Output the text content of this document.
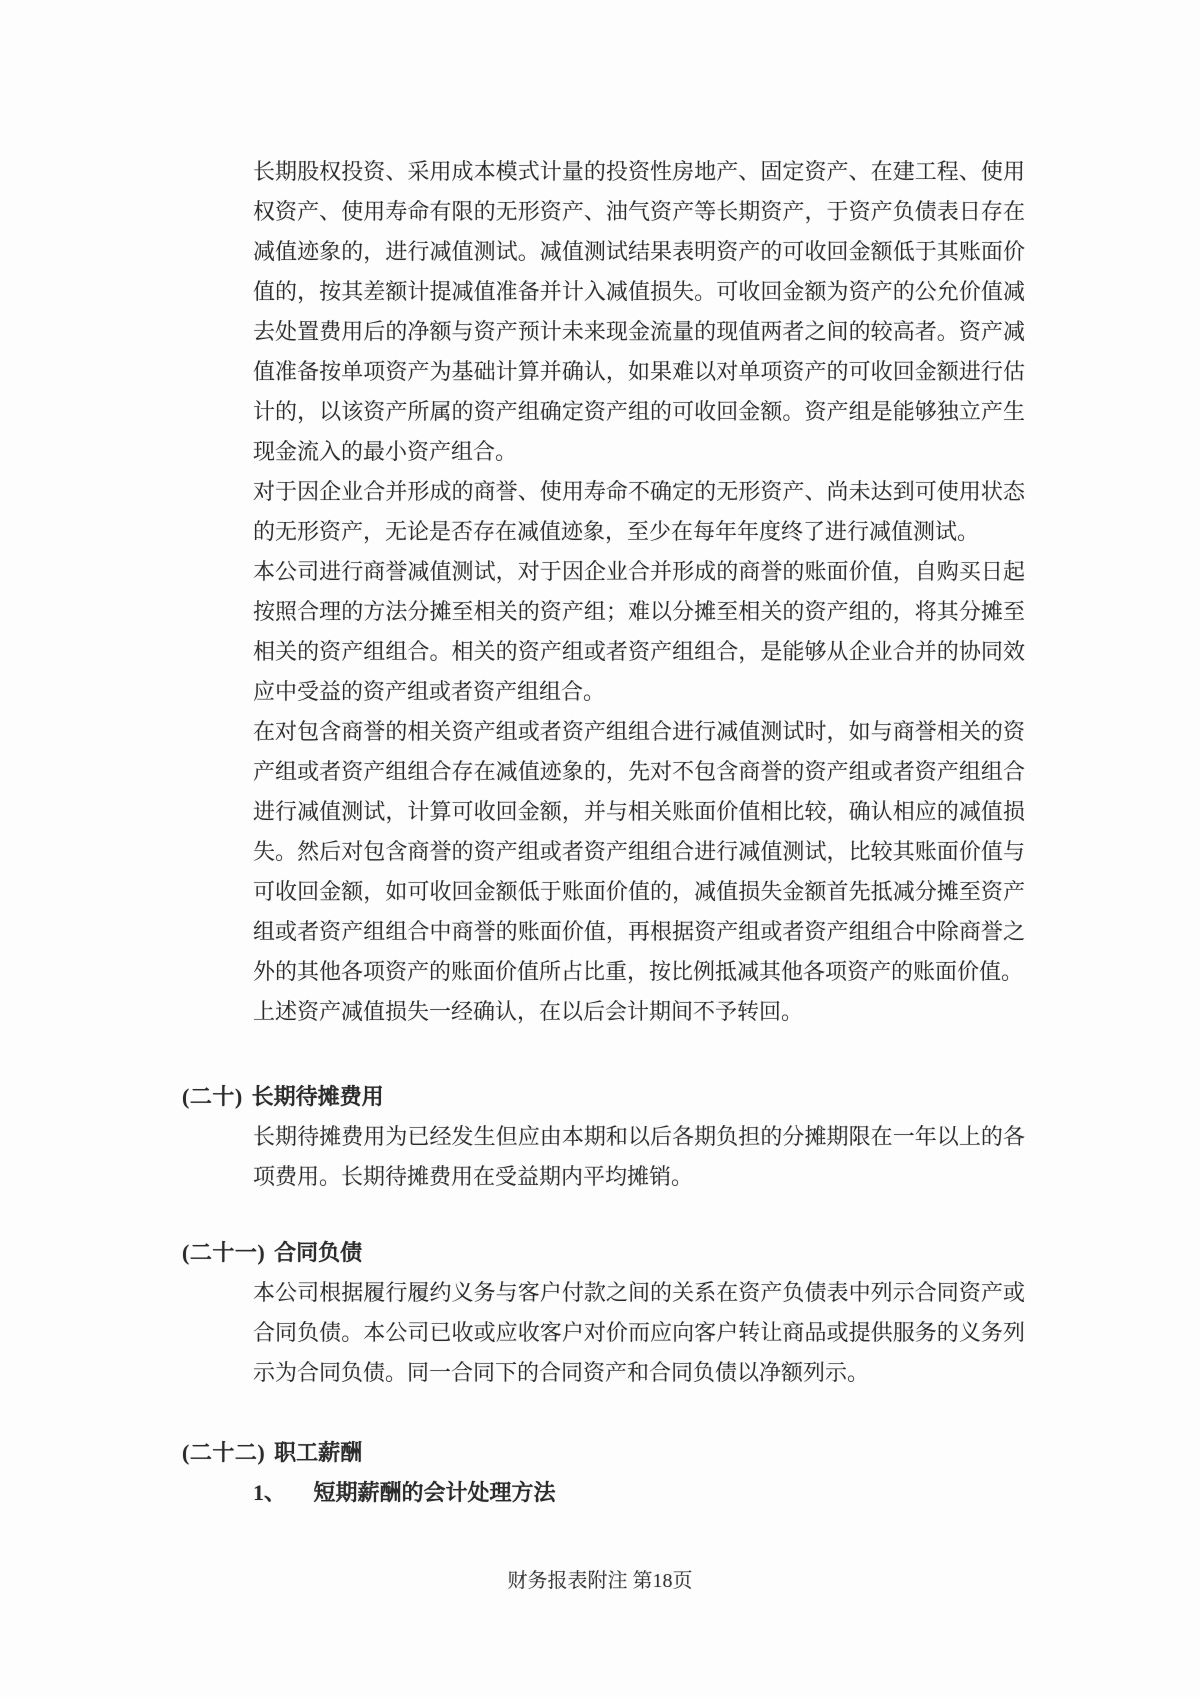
长期股权投资、采用成本模式计量的投资性房地产、固定资产、在建工程、使用权资产、使用寿命有限的无形资产、油气资产等长期资产，于资产负债表日存在减值迹象的，进行减值测试。减值测试结果表明资产的可收回金额低于其账面价值的，按其差额计提减值准备并计入减值损失。可收回金额为资产的公允价值减去处置费用后的净额与资产预计未来现金流量的现值两者之间的较高者。资产减值准备按单项资产为基础计算并确认，如果难以对单项资产的可收回金额进行估计的，以该资产所属的资产组确定资产组的可收回金额。资产组是能够独立产生现金流入的最小资产组合。

对于因企业合并形成的商誉、使用寿命不确定的无形资产、尚未达到可使用状态的无形资产，无论是否存在减值迹象，至少在每年年度终了进行减值测试。

本公司进行商誉减值测试，对于因企业合并形成的商誉的账面价值，自购买日起按照合理的方法分摊至相关的资产组；难以分摊至相关的资产组的，将其分摊至相关的资产组组合。相关的资产组或者资产组组合，是能够从企业合并的协同效应中受益的资产组或者资产组组合。

在对包含商誉的相关资产组或者资产组组合进行减值测试时，如与商誉相关的资产组或者资产组组合存在减值迹象的，先对不包含商誉的资产组或者资产组组合进行减值测试，计算可收回金额，并与相关账面价值相比较，确认相应的减值损失。然后对包含商誉的资产组或者资产组组合进行减值测试，比较其账面价值与可收回金额，如可收回金额低于账面价值的，减值损失金额首先抵减分摊至资产组或者资产组组合中商誉的账面价值，再根据资产组或者资产组组合中除商誉之外的其他各项资产的账面价值所占比重，按比例抵减其他各项资产的账面价值。

上述资产减值损失一经确认，在以后会计期间不予转回。

(二十) 长期待摊费用

长期待摊费用为已经发生但应由本期和以后各期负担的分摊期限在一年以上的各项费用。长期待摊费用在受益期内平均摊销。

(二十一) 合同负债

本公司根据履行履约义务与客户付款之间的关系在资产负债表中列示合同资产或合同负债。本公司已收或应收客户对价而应向客户转让商品或提供服务的义务列示为合同负债。同一合同下的合同资产和合同负债以净额列示。

(二十二) 职工薪酬
1、 短期薪酬的会计处理方法
财务报表附注 第18页
